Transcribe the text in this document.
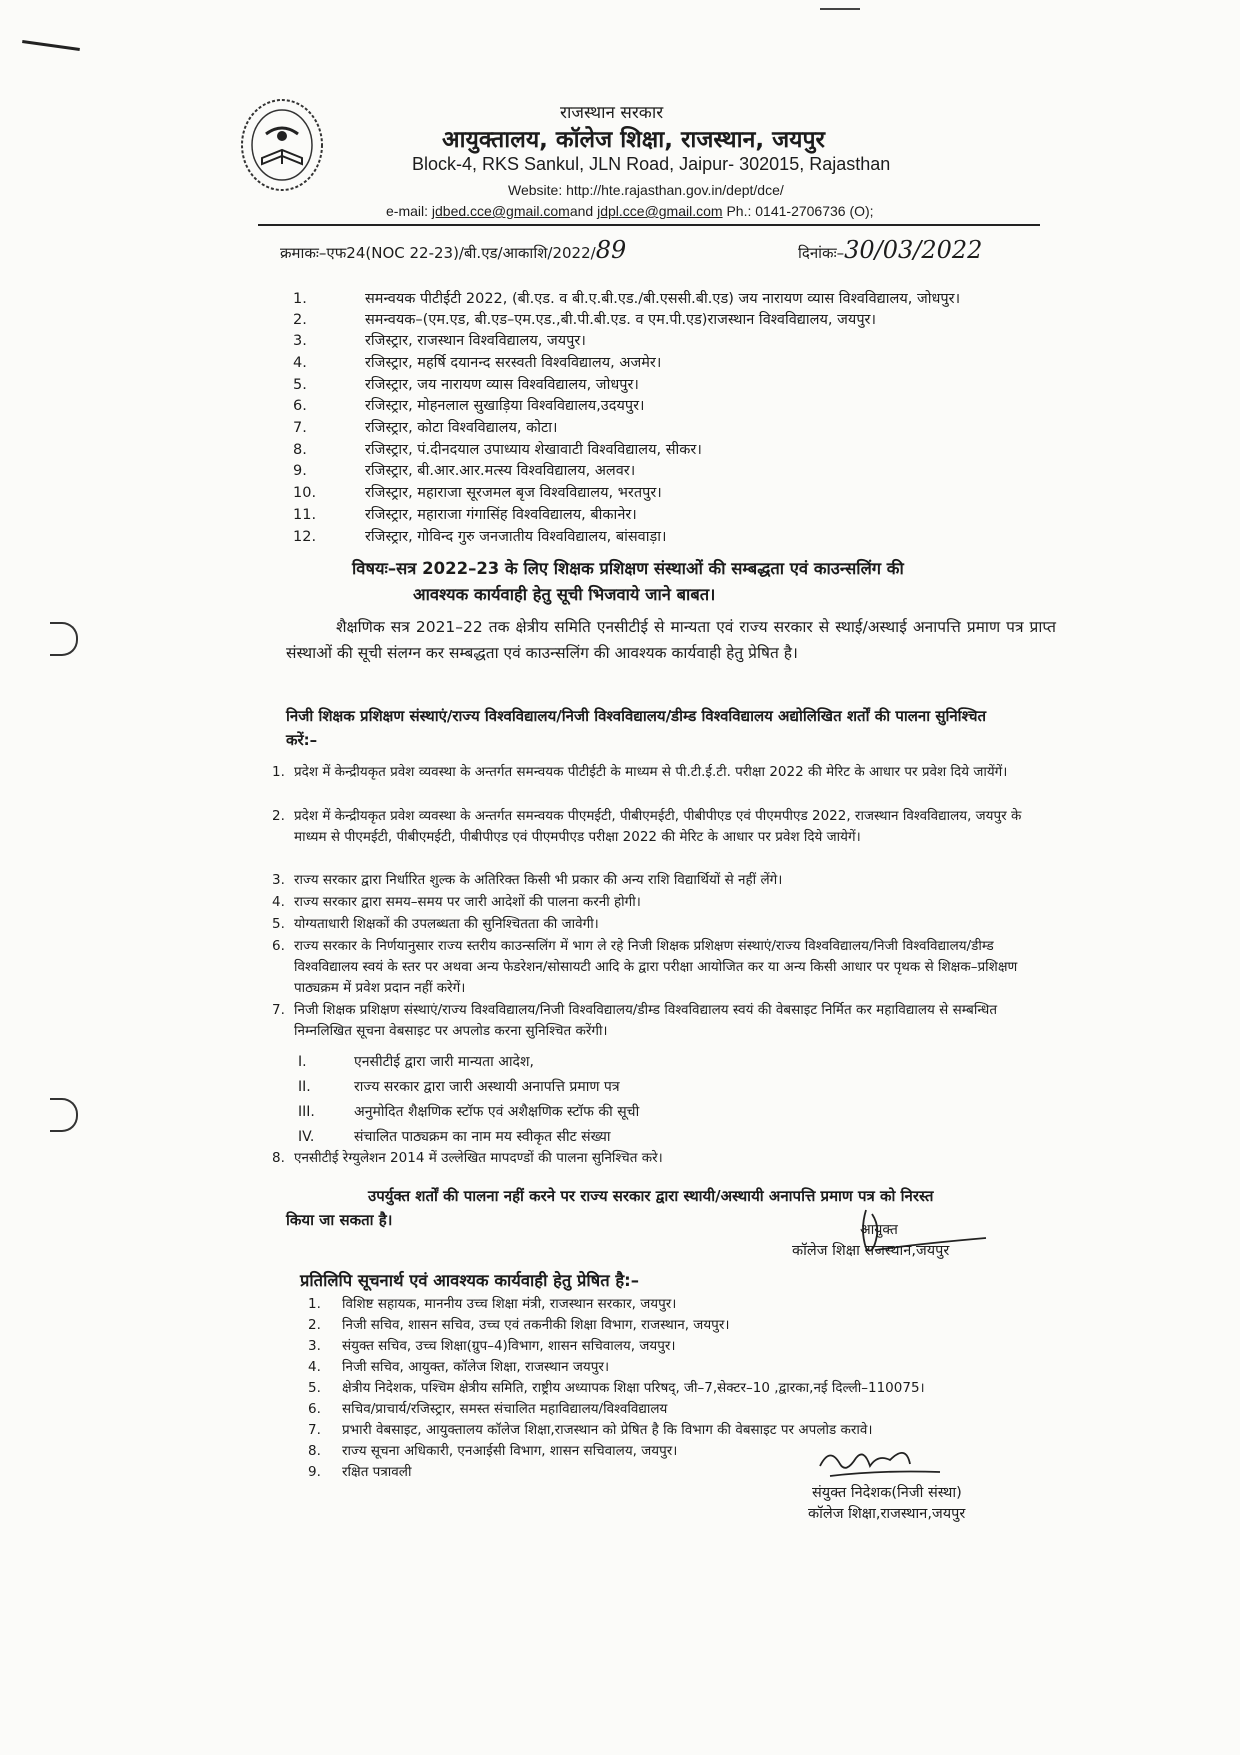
राजस्थान सरकार
आयुक्तालय, कॉलेज शिक्षा, राजस्थान, जयपुर
Block-4, RKS Sankul, JLN Road, Jaipur- 302015, Rajasthan
Website: http://hte.rajasthan.gov.in/dept/dce/
e-mail: jdbed.cce@gmail.comand jdpl.cce@gmail.com Ph.: 0141-2706736 (O);
क्रमाकः–एफ24(NOC 22-23)/बी.एड/आकाशि/2022/89	दिनांकः–30/03/2022
1.	समन्वयक पीटीईटी 2022, (बी.एड. व बी.ए.बी.एड./बी.एससी.बी.एड) जय नारायण व्यास विश्वविद्यालय, जोधपुर।
2.	समन्वयक–(एम.एड, बी.एड–एम.एड.,बी.पी.बी.एड. व एम.पी.एड)राजस्थान विश्वविद्यालय, जयपुर।
3.	रजिस्ट्रार, राजस्थान विश्वविद्यालय, जयपुर।
4.	रजिस्ट्रार, महर्षि दयानन्द सरस्वती विश्वविद्यालय, अजमेर।
5.	रजिस्ट्रार, जय नारायण व्यास विश्वविद्यालय, जोधपुर।
6.	रजिस्ट्रार, मोहनलाल सुखाड़िया विश्वविद्यालय,उदयपुर।
7.	रजिस्ट्रार, कोटा विश्वविद्यालय, कोटा।
8.	रजिस्ट्रार, पं.दीनदयाल उपाध्याय शेखावाटी विश्वविद्यालय, सीकर।
9.	रजिस्ट्रार, बी.आर.आर.मत्स्य विश्वविद्यालय, अलवर।
10.	रजिस्ट्रार, महाराजा सूरजमल बृज विश्वविद्यालय, भरतपुर।
11.	रजिस्ट्रार, महाराजा गंगासिंह विश्वविद्यालय, बीकानेर।
12.	रजिस्ट्रार, गोविन्द गुरु जनजातीय विश्वविद्यालय, बांसवाड़ा।
विषयः–सत्र 2022–23 के लिए शिक्षक प्रशिक्षण संस्थाओं की सम्बद्धता एवं काउन्सलिंग की
आवश्यक कार्यवाही हेतु सूची भिजवाये जाने बाबत।
शैक्षणिक सत्र 2021–22 तक क्षेत्रीय समिति एनसीटीई से मान्यता एवं राज्य सरकार से स्थाई/अस्थाई अनापत्ति प्रमाण पत्र प्राप्त संस्थाओं की सूची संलग्न कर सम्बद्धता एवं काउन्सलिंग की आवश्यक कार्यवाही हेतु प्रेषित है।
निजी शिक्षक प्रशिक्षण संस्थाएं/राज्य विश्वविद्यालय/निजी विश्वविद्यालय/डीम्ड विश्वविद्यालय अद्योलिखित शर्तों की पालना सुनिश्चित करें:–
1. प्रदेश में केन्द्रीयकृत प्रवेश व्यवस्था के अन्तर्गत समन्वयक पीटीईटी के माध्यम से पी.टी.ई.टी. परीक्षा 2022 की मेरिट के आधार पर प्रवेश दिये जायेंगें।
2. प्रदेश में केन्द्रीयकृत प्रवेश व्यवस्था के अन्तर्गत समन्वयक पीएमईटी, पीबीएमईटी, पीबीपीएड एवं पीएमपीएड 2022, राजस्थान विश्वविद्यालय, जयपुर के माध्यम से पीएमईटी, पीबीएमईटी, पीबीपीएड एवं पीएमपीएड परीक्षा 2022 की मेरिट के आधार पर प्रवेश दिये जायेगें।
3. राज्य सरकार द्वारा निर्धारित शुल्क के अतिरिक्त किसी भी प्रकार की अन्य राशि विद्यार्थियों से नहीं लेंगे।
4. राज्य सरकार द्वारा समय–समय पर जारी आदेशों की पालना करनी होगी।
5. योग्यताधारी शिक्षकों की उपलब्धता की सुनिश्चितता की जावेगी।
6. राज्य सरकार के निर्णयानुसार राज्य स्तरीय काउन्सलिंग में भाग ले रहे निजी शिक्षक प्रशिक्षण संस्थाएं/राज्य विश्वविद्यालय/निजी विश्वविद्यालय/डीम्ड विश्वविद्यालय स्वयं के स्तर पर अथवा अन्य फेडरेशन/सोसायटी आदि के द्वारा परीक्षा आयोजित कर या अन्य किसी आधार पर पृथक से शिक्षक–प्रशिक्षण पाठ्यक्रम में प्रवेश प्रदान नहीं करेगें।
7. निजी शिक्षक प्रशिक्षण संस्थाएं/राज्य विश्वविद्यालय/निजी विश्वविद्यालय/डीम्ड विश्वविद्यालय स्वयं की वेबसाइट निर्मित कर महाविद्यालय से सम्बन्धित निम्नलिखित सूचना वेबसाइट पर अपलोड करना सुनिश्चित करेंगी।
I.	एनसीटीई द्वारा जारी मान्यता आदेश,
II.	राज्य सरकार द्वारा जारी अस्थायी अनापत्ति प्रमाण पत्र
III.	अनुमोदित शैक्षणिक स्टॉफ एवं अशैक्षणिक स्टॉफ की सूची
IV.	संचालित पाठ्यक्रम का नाम मय स्वीकृत सीट संख्या
8. एनसीटीई रेग्युलेशन 2014 में उल्लेखित मापदण्डों की पालना सुनिश्चित करे।
उपर्युक्त शर्तों की पालना नहीं करने पर राज्य सरकार द्वारा स्थायी/अस्थायी अनापत्ति प्रमाण पत्र को निरस्त
किया जा सकता है।
आयुक्त
कॉलेज शिक्षा राजस्थान,जयपुर
प्रतिलिपि सूचनार्थ एवं आवश्यक कार्यवाही हेतु प्रेषित है:–
1. विशिष्ट सहायक, माननीय उच्च शिक्षा मंत्री, राजस्थान सरकार, जयपुर।
2. निजी सचिव, शासन सचिव, उच्च एवं तकनीकी शिक्षा विभाग, राजस्थान, जयपुर।
3. संयुक्त सचिव, उच्च शिक्षा(ग्रुप–4)विभाग, शासन सचिवालय, जयपुर।
4. निजी सचिव, आयुक्त, कॉलेज शिक्षा, राजस्थान जयपुर।
5. क्षेत्रीय निदेशक, पश्चिम क्षेत्रीय समिति, राष्ट्रीय अध्यापक शिक्षा परिषद्, जी–7,सेक्टर–10 ,द्वारका,नई दिल्ली–110075।
6. सचिव/प्राचार्य/रजिस्ट्रार, समस्त संचालित महाविद्यालय/विश्वविद्यालय
7. प्रभारी वेबसाइट, आयुक्तालय कॉलेज शिक्षा,राजस्थान को प्रेषित है कि विभाग की वेबसाइट पर अपलोड करावे।
8. राज्य सूचना अधिकारी, एनआईसी विभाग, शासन सचिवालय, जयपुर।
9. रक्षित पत्रावली
संयुक्त निदेशक(निजी संस्था)
कॉलेज शिक्षा,राजस्थान,जयपुर
